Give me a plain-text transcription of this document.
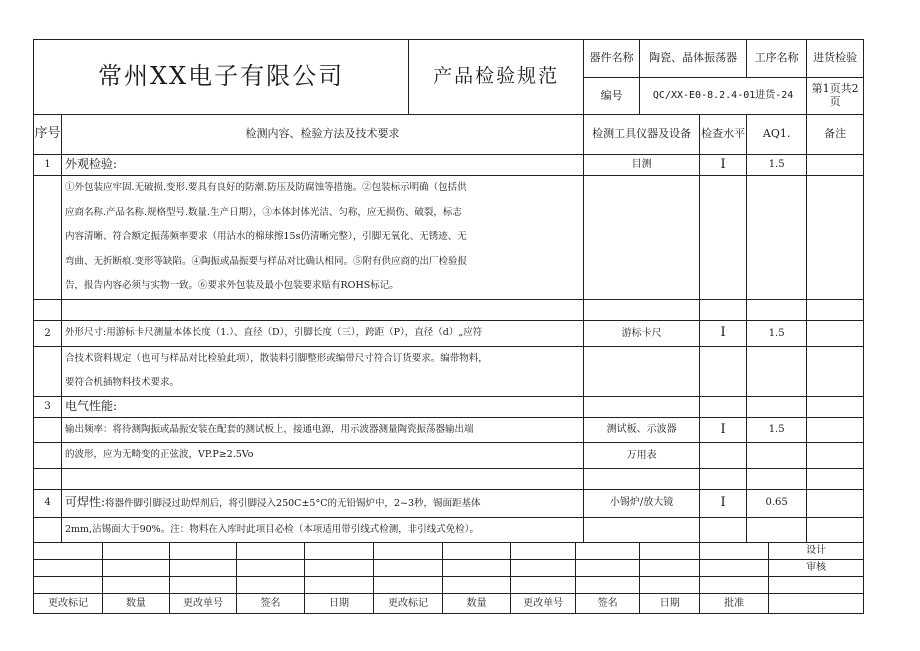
常州XX电子有限公司							产品检验规范				器件名称	陶瓷、晶体振荡器		工序名称		进货检验
											编号	QC/XX-E0-8.2.4-01进货-24				第1页共2页
序号	检测内容、检验方法及技术要求										检测工具仪器及设备		检查水平	AQ1.		备注
1	外观检验:										目测		I	1.5		

	①外包装应牢固.无破损.变形.要具有良好的防潮.防压及防腐蚀等措施。②包装标示明确（包括供
应商名称.产品名称.规格型号.数量.生产日期），③本体封体光洁、匀称，应无损伤、破裂，标志
内容清晰、符合额定振荡频率要求（用沾水的棉球擦15s仍清晰完整），引脚无氧化、无锈迹、无
弯曲、无折断痕.变形等缺陷。④陶振或晶振要与样品对比确认相同。⑤附有供应商的出厂检验报
告，报告内容必须与实物一致。⑥要求外包装及最小包装要求贴有ROHS标记。															

2	外形尺寸:用游标卡尺测量本体长度（1.）、直径（D），引脚长度（三），跨距（P），直径（d）„应符										游标卡尺		I	1.5		

	合技术资料规定（也可与样品对比检验此项），散装料引脚整形或编带尺寸符合订货要求。编带物料，
要符合机插物料技术要求。															

3	电气性能:															
	输出频率：将待测陶振或晶振安装在配套的测试板上，接通电源，用示波器测量陶瓷振荡器输出端										测试板、示波器		I	1.5		
	的波形，应为无畸变的正弦波，VP.P≥2.5Vo										万用表					

4	可焊性:将器件脚引脚浸过助焊剂后，将引脚浸入250C±5°C的无铅锡炉中，2~3秒，锡面距基体										小锡炉/放大镜		I	0.65		
	2mm,沾锡面大于90%。注：物料在入库时此项目必检（本项适用带引线式检测，非引线式免检）。															
															设计	
															审核	

更改标记		数量	更改单号	签名	日期	更改标记		数量	更改单号	签名		日期	批准			
